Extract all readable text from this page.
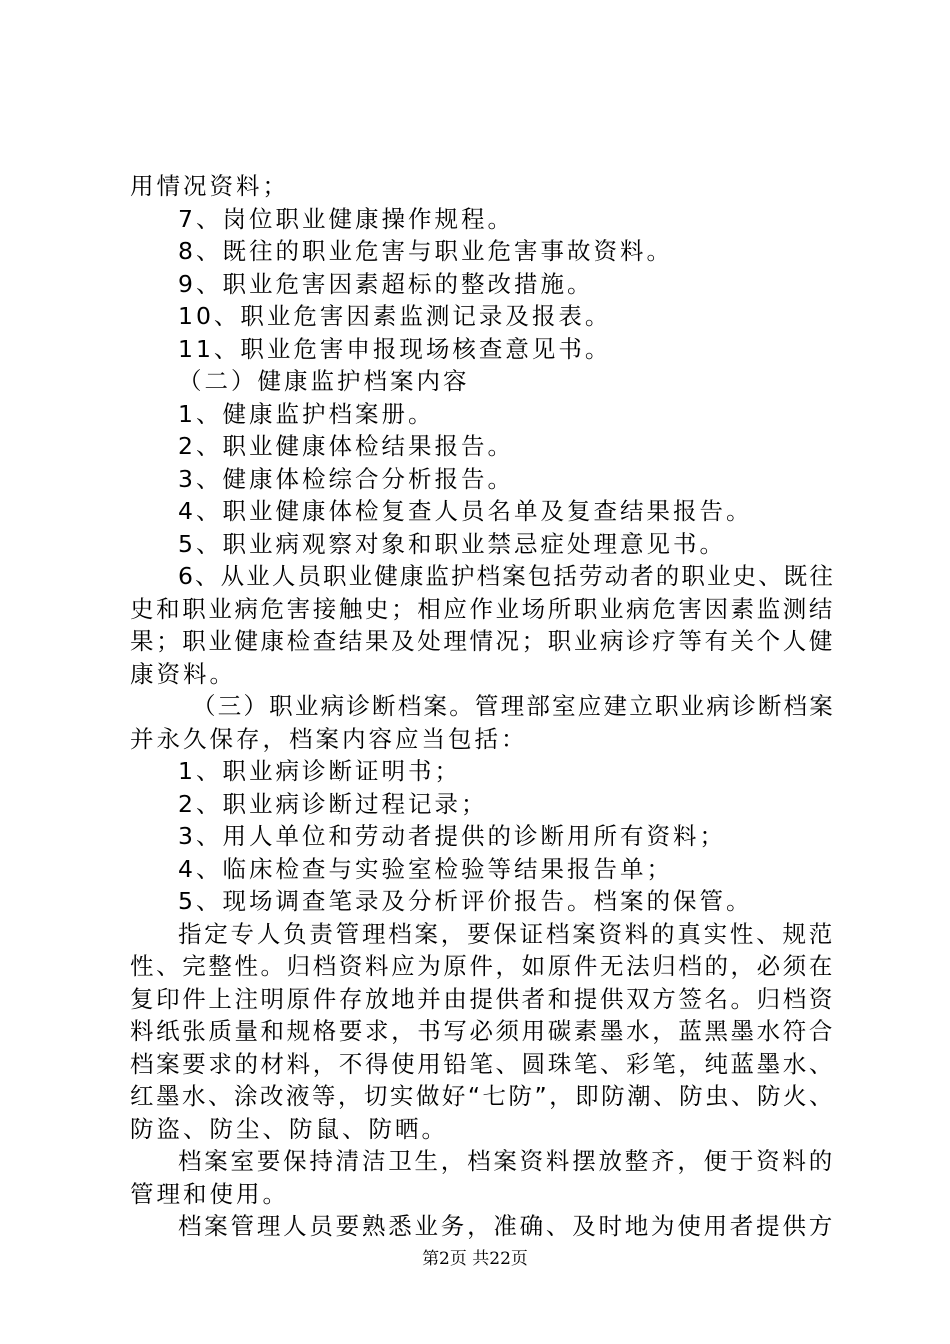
用情况资料；
7、岗位职业健康操作规程。
8、既往的职业危害与职业危害事故资料。
9、职业危害因素超标的整改措施。
10、职业危害因素监测记录及报表。
11、职业危害申报现场核查意见书。
（二）健康监护档案内容
1、健康监护档案册。
2、职业健康体检结果报告。
3、健康体检综合分析报告。
4、职业健康体检复查人员名单及复查结果报告。
5、职业病观察对象和职业禁忌症处理意见书。
6、从业人员职业健康监护档案包括劳动者的职业史、既往
史和职业病危害接触史；相应作业场所职业病危害因素监测结
果；职业健康检查结果及处理情况；职业病诊疗等有关个人健
康资料。
（三）职业病诊断档案。管理部室应建立职业病诊断档案
并永久保存，档案内容应当包括：
1、职业病诊断证明书；
2、职业病诊断过程记录；
3、用人单位和劳动者提供的诊断用所有资料；
4、临床检查与实验室检验等结果报告单；
5、现场调查笔录及分析评价报告。档案的保管。
指定专人负责管理档案，要保证档案资料的真实性、规范
性、完整性。归档资料应为原件，如原件无法归档的，必须在
复印件上注明原件存放地并由提供者和提供双方签名。归档资
料纸张质量和规格要求，书写必须用碳素墨水，蓝黑墨水符合
档案要求的材料，不得使用铅笔、圆珠笔、彩笔，纯蓝墨水、
红墨水、涂改液等，切实做好“七防”，即防潮、防虫、防火、
防盗、防尘、防鼠、防晒。
档案室要保持清洁卫生，档案资料摆放整齐，便于资料的
管理和使用。
档案管理人员要熟悉业务，准确、及时地为使用者提供方
第2页 共22页
